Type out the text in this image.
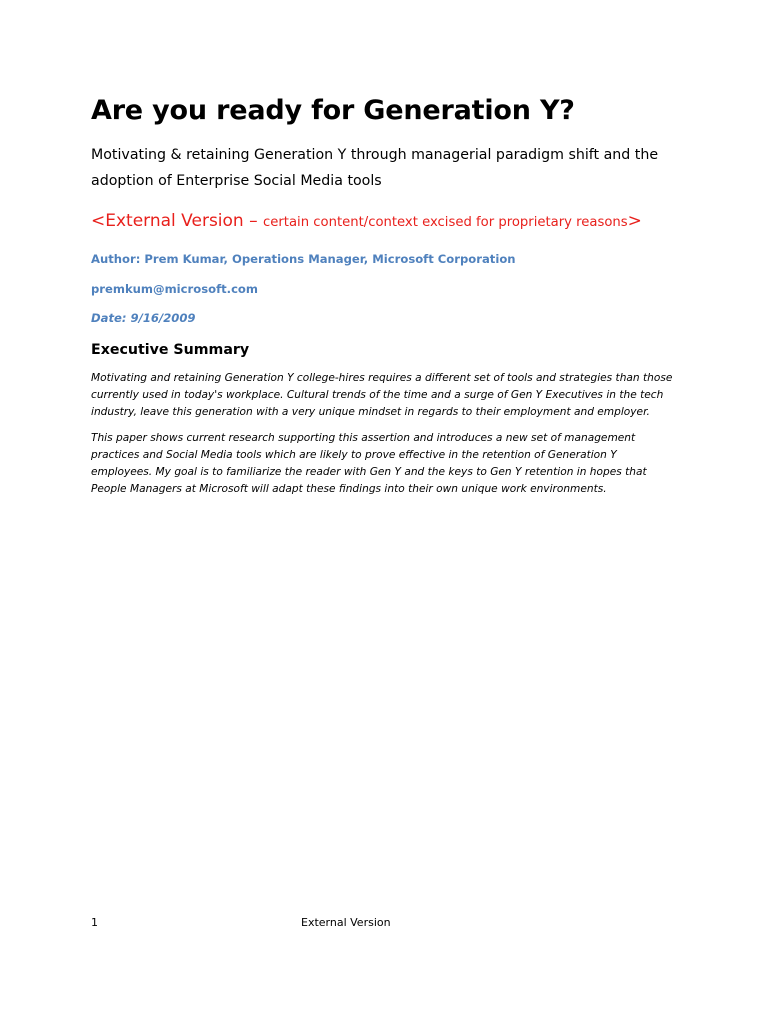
Are you ready for Generation Y?

Motivating & retaining Generation Y through managerial paradigm shift and the adoption of Enterprise Social Media tools

<External Version – certain content/context excised for proprietary reasons>

Author: Prem Kumar, Operations Manager, Microsoft Corporation

premkum@microsoft.com

Date: 9/16/2009

Executive Summary

Motivating and retaining Generation Y college-hires requires a different set of tools and strategies than those currently used in today's workplace. Cultural trends of the time and a surge of Gen Y Executives in the tech industry, leave this generation with a very unique mindset in regards to their employment and employer.

This paper shows current research supporting this assertion and introduces a new set of management practices and Social Media tools which are likely to prove effective in the retention of Generation Y employees. My goal is to familiarize the reader with Gen Y and the keys to Gen Y retention in hopes that People Managers at Microsoft will adapt these findings into their own unique work environments.

1	External Version
